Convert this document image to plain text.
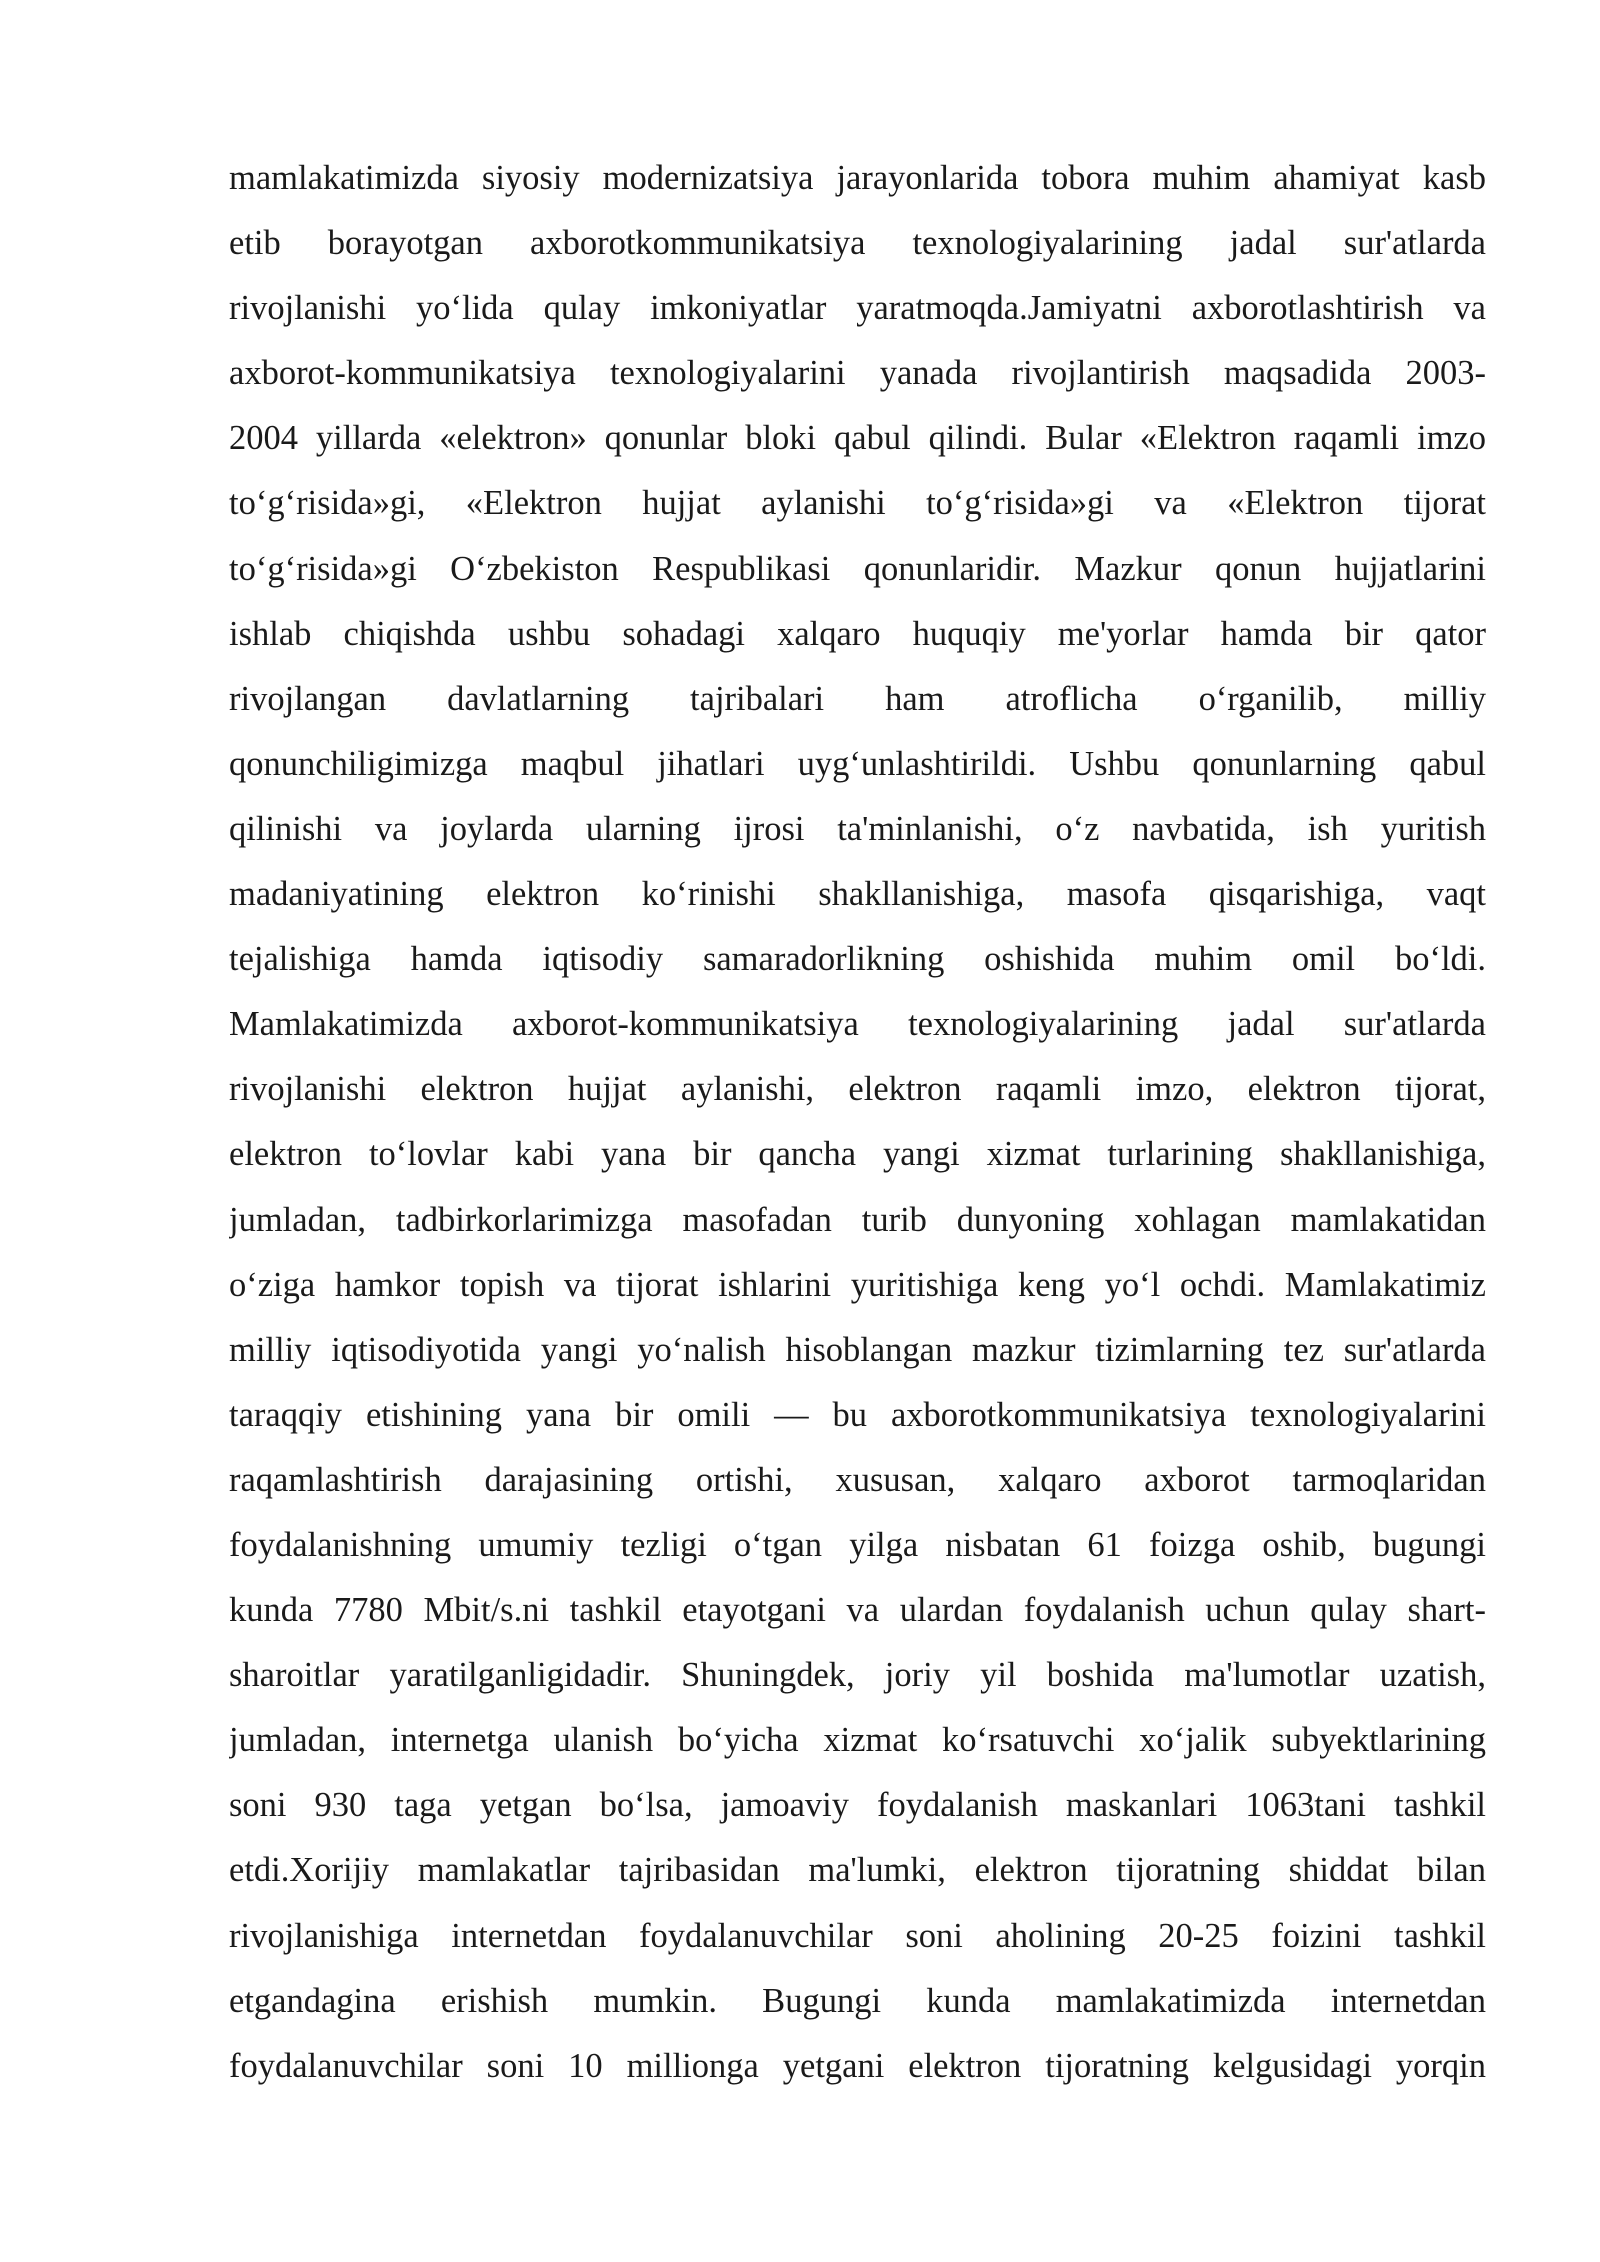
mamlakatimizda siyosiy modernizatsiya jarayonlarida tobora muhim ahamiyat kasb
etib borayotgan axborotkommunikatsiya texnologiyalarining jadal sur'atlarda
rivojlanishi yo‘lida qulay imkoniyatlar yaratmoqda.Jamiyatni axborotlashtirish va
axborot-kommunikatsiya texnologiyalarini yanada rivojlantirish maqsadida 2003-
2004 yillarda «elektron» qonunlar bloki qabul qilindi. Bular «Elektron raqamli imzo
to‘g‘risida»gi, «Elektron hujjat aylanishi to‘g‘risida»gi va «Elektron tijorat
to‘g‘risida»gi O‘zbekiston Respublikasi qonunlaridir. Mazkur qonun hujjatlarini
ishlab chiqishda ushbu sohadagi xalqaro huquqiy me'yorlar hamda bir qator
rivojlangan davlatlarning tajribalari ham atroflicha o‘rganilib, milliy
qonunchiligimizga maqbul jihatlari uyg‘unlashtirildi. Ushbu qonunlarning qabul
qilinishi va joylarda ularning ijrosi ta'minlanishi, o‘z navbatida, ish yuritish
madaniyatining elektron ko‘rinishi shakllanishiga, masofa qisqarishiga, vaqt
tejalishiga hamda iqtisodiy samaradorlikning oshishida muhim omil bo‘ldi.
Mamlakatimizda axborot-kommunikatsiya texnologiyalarining jadal sur'atlarda
rivojlanishi elektron hujjat aylanishi, elektron raqamli imzo, elektron tijorat,
elektron to‘lovlar kabi yana bir qancha yangi xizmat turlarining shakllanishiga,
jumladan, tadbirkorlarimizga masofadan turib dunyoning xohlagan mamlakatidan
o‘ziga hamkor topish va tijorat ishlarini yuritishiga keng yo‘l ochdi. Mamlakatimiz
milliy iqtisodiyotida yangi yo‘nalish hisoblangan mazkur tizimlarning tez sur'atlarda
taraqqiy etishining yana bir omili — bu axborotkommunikatsiya texnologiyalarini
raqamlashtirish darajasining ortishi, xususan, xalqaro axborot tarmoqlaridan
foydalanishning umumiy tezligi o‘tgan yilga nisbatan 61 foizga oshib, bugungi
kunda 7780 Mbit/s.ni tashkil etayotgani va ulardan foydalanish uchun qulay shart-
sharoitlar yaratilganligidadir. Shuningdek, joriy yil boshida ma'lumotlar uzatish,
jumladan, internetga ulanish bo‘yicha xizmat ko‘rsatuvchi xo‘jalik subyektlarining
soni 930 taga yetgan bo‘lsa, jamoaviy foydalanish maskanlari 1063tani tashkil
etdi.Xorijiy mamlakatlar tajribasidan ma'lumki, elektron tijoratning shiddat bilan
rivojlanishiga internetdan foydalanuvchilar soni aholining 20-25 foizini tashkil
etgandagina erishish mumkin. Bugungi kunda mamlakatimizda internetdan
foydalanuvchilar soni 10 millionga yetgani elektron tijoratning kelgusidagi yorqin
